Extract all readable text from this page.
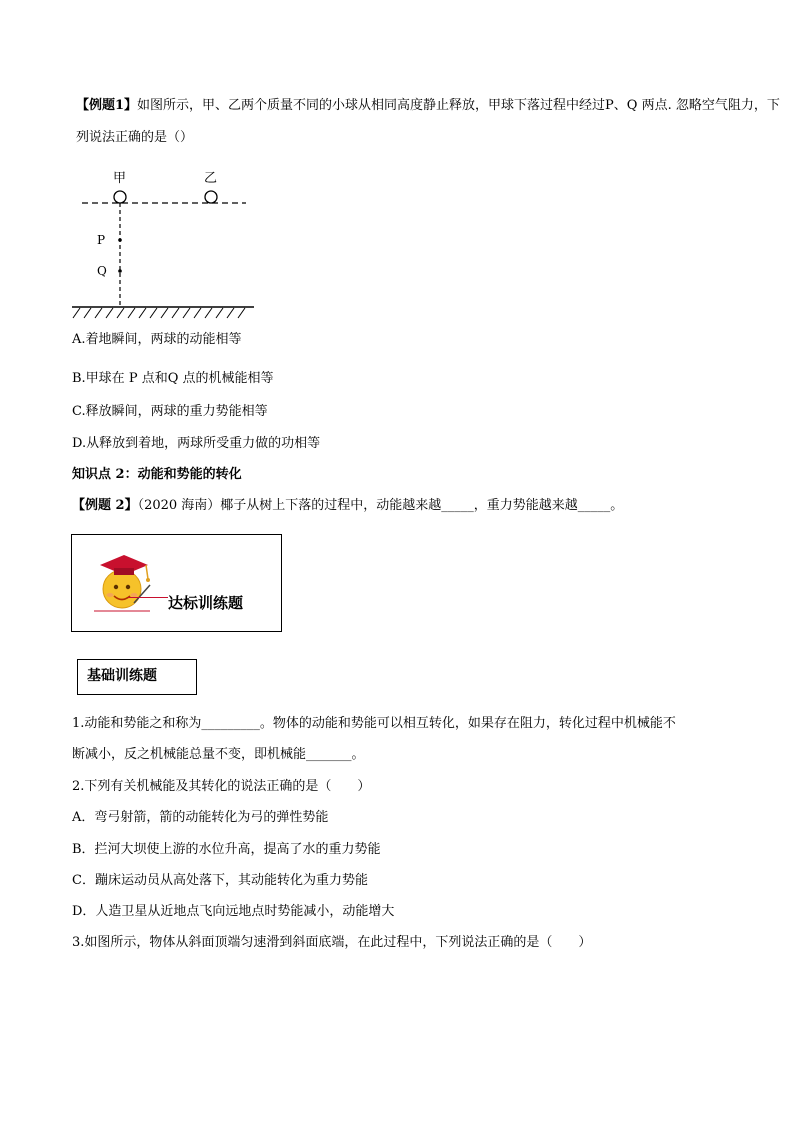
【例题1】如图所示，甲、乙两个质量不同的小球从相同高度静止释放，甲球下落过程中经过P、Q 两点. 忽略空气阻力，下
列说法正确的是（）
甲	乙
P
Q
A.着地瞬间，两球的动能相等
B.甲球在 P 点和Q 点的机械能相等
C.释放瞬间，两球的重力势能相等
D.从释放到着地，两球所受重力做的功相等
知识点 2：动能和势能的转化
【例题 2】（2020 海南）椰子从树上下落的过程中，动能越来越_____，重力势能越来越_____。
达标训练题
基础训练题
1.动能和势能之和称为_________。物体的动能和势能可以相互转化，如果存在阻力，转化过程中机械能不
断减小，反之机械能总量不变，即机械能_______。
2.下列有关机械能及其转化的说法正确的是（　　）
A．弯弓射箭，箭的动能转化为弓的弹性势能
B．拦河大坝使上游的水位升高，提高了水的重力势能
C．蹦床运动员从高处落下，其动能转化为重力势能
D．人造卫星从近地点飞向远地点时势能减小，动能增大
3.如图所示，物体从斜面顶端匀速滑到斜面底端，在此过程中，下列说法正确的是（　　）
